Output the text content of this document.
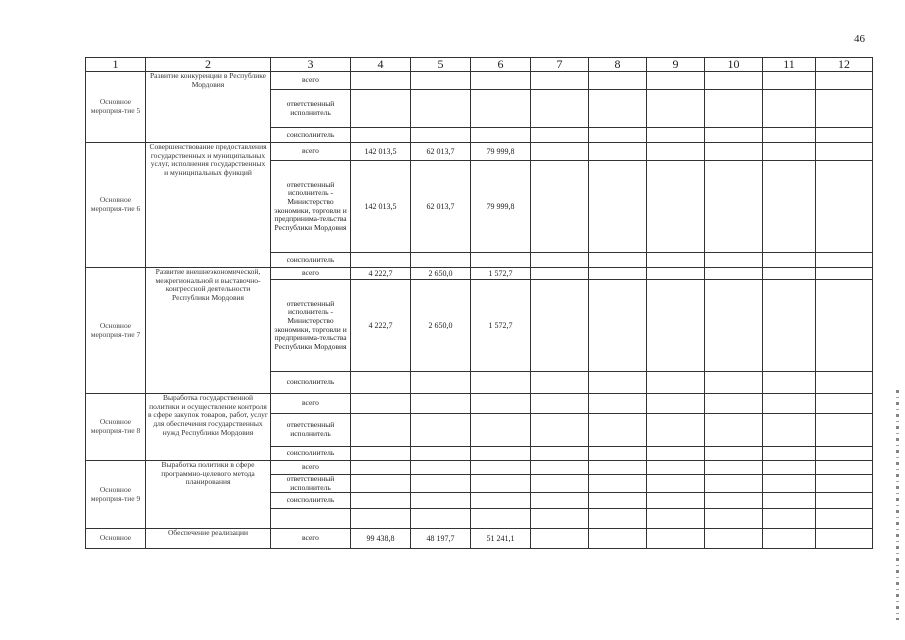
46
1	2	3	4	5	6	7	8	9	10	11	12
Основное мероприя-тие 5	Развитие конкуренции в Республике Мордовия	всего									
		ответственный исполнитель									
		соисполнитель									
Основное мероприя-тие 6	Совершенствование предоставления государственных и муниципальных услуг, исполнения государственных и муниципальных функций	всего	142 013,5	62 013,7	79 999,8						
		ответственный исполнитель - Министерство экономики, торговли и предпринима-тельства Республики Мордовия	142 013,5	62 013,7	79 999,8						
		соисполнитель									
Основное мероприя-тие 7	Развитие внешнеэкономической, межрегиональной и выставочно-конгрессной деятельности Республики Мордовия	всего	4 222,7	2 650,0	1 572,7						
		ответственный исполнитель - Министерство экономики, торговли и предпринима-тельства Республики Мордовия	4 222,7	2 650,0	1 572,7						
		соисполнитель									
Основное мероприя-тие 8	Выработка государственной политики и осуществление контроля в сфере закупок товаров, работ, услуг для обеспечения государственных нужд Республики Мордовия	всего									
		ответственный исполнитель									
		соисполнитель									
Основное мероприя-тие 9	Выработка политики в сфере программно-целевого метода планирования	всего									
		ответственный исполнитель									
		соисполнитель									

Основное	Обеспечение реализации	всего	99 438,8	48 197,7	51 241,1						
